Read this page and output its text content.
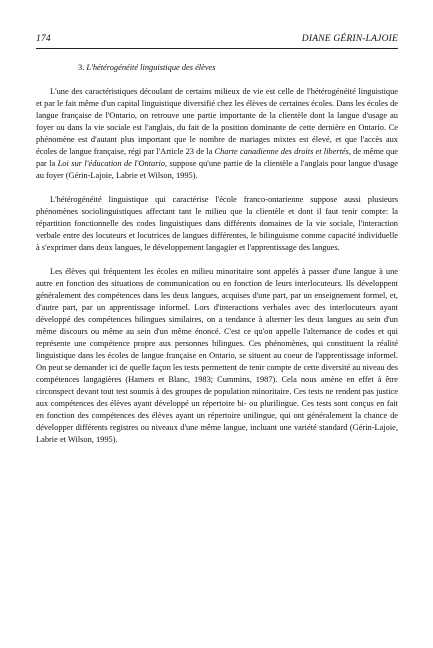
174	DIANE GÉRIN-LAJOIE
3. L'hétérogénéité linguistique des élèves

L'une des caractéristiques découlant de certains milieux de vie est celle de l'hétérogénéité linguistique et par le fait même d'un capital linguistique diversifié chez les élèves de certaines écoles. Dans les écoles de langue française de l'Ontario, on retrouve une partie importante de la clientèle dont la langue d'usage au foyer ou dans la vie sociale est l'anglais, du fait de la position dominante de cette dernière en Ontario. Ce phénomène est d'autant plus important que le nombre de mariages mixtes est élevé, et que l'accès aux écoles de langue française, régi par l'Article 23 de la Charte canadienne des droits et libertés, de même que par la Loi sur l'éducation de l'Ontario, suppose qu'une partie de la clientèle a l'anglais pour langue d'usage au foyer (Gérin-Lajoie, Labrie et Wilson, 1995).

L'hétérogénéité linguistique qui caractérise l'école franco-ontarienne suppose aussi plusieurs phénomènes sociolinguistiques affectant tant le milieu que la clientèle et dont il faut tenir compte: la répartition fonctionnelle des codes linguistiques dans différents domaines de la vie sociale, l'interaction verbale entre des locuteurs et locutrices de langues différentes, le bilinguisme comme capacité individuelle à s'exprimer dans deux langues, le développement langagier et l'apprentissage des langues.

Les élèves qui fréquentent les écoles en milieu minoritaire sont appelés à passer d'une langue à une autre en fonction des situations de communication ou en fonction de leurs interlocuteurs. Ils développent généralement des compétences dans les deux langues, acquises d'une part, par un enseignement formel, et, d'autre part, par un apprentissage informel. Lors d'interactions verbales avec des interlocuteurs ayant développé des compétences bilingues similaires, on a tendance à alterner les deux langues au sein d'un même discours ou même au sein d'un même énoncé. C'est ce qu'on appelle l'alternance de codes et qui représente une compétence propre aux personnes bilingues. Ces phénomènes, qui constituent la réalité linguistique dans les écoles de langue française en Ontario, se situent au coeur de l'apprentissage informel. On peut se demander ici de quelle façon les tests permettent de tenir compte de cette diversité au niveau des compétences langagières (Hamers et Blanc, 1983; Cummins, 1987). Cela nous amène en effet à être circonspect devant tout test soumis à des groupes de population minoritaire. Ces tests ne rendent pas justice aux compétences des élèves ayant développé un répertoire bi- ou plurilingue. Ces tests sont conçus en fait en fonction des compétences des élèves ayant un répertoire unilingue, qui ont généralement la chance de développer différents registres ou niveaux d'une même langue, incluant une variété standard (Gérin-Lajoie, Labrie et Wilson, 1995).
